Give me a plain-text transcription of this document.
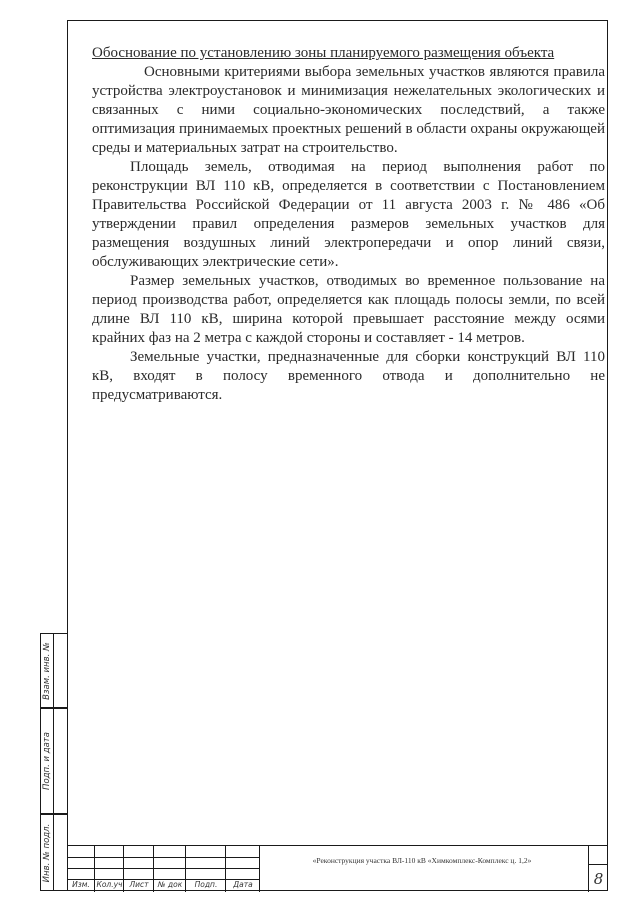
Обоснование по установлению зоны планируемого размещения объекта

Основными критериями выбора земельных участков являются правила устройства электроустановок и минимизация нежелательных экологических и связанных с ними социально-экономических последствий, а также оптимизация принимаемых проектных решений в области охраны окружающей среды и материальных затрат на строительство.

Площадь земель, отводимая на период выполнения работ по реконструкции ВЛ 110 кВ, определяется в соответствии с Постановлением Правительства Российской Федерации от 11 августа 2003 г. № 486 «Об утверждении правил определения размеров земельных участков для размещения воздушных линий электропередачи и опор линий связи, обслуживающих электрические сети».

Размер земельных участков, отводимых во временное пользование на период производства работ, определяется как площадь полосы земли, по всей длине ВЛ 110 кВ, ширина которой превышает расстояние между осями крайних фаз на 2 метра с каждой стороны и составляет - 14 метров.

Земельные участки, предназначенные для сборки конструкций ВЛ 110 кВ, входят в полосу временного отвода и дополнительно не предусматриваются.

Взам. инв. №
Подп. и дата
Инв. № подл.
Изм. Кол.уч Лист	№ док	Подп.	Дата
«Реконструкция участка ВЛ-110 кВ «Химкомплекс-Комплекс ц. 1,2»
8
